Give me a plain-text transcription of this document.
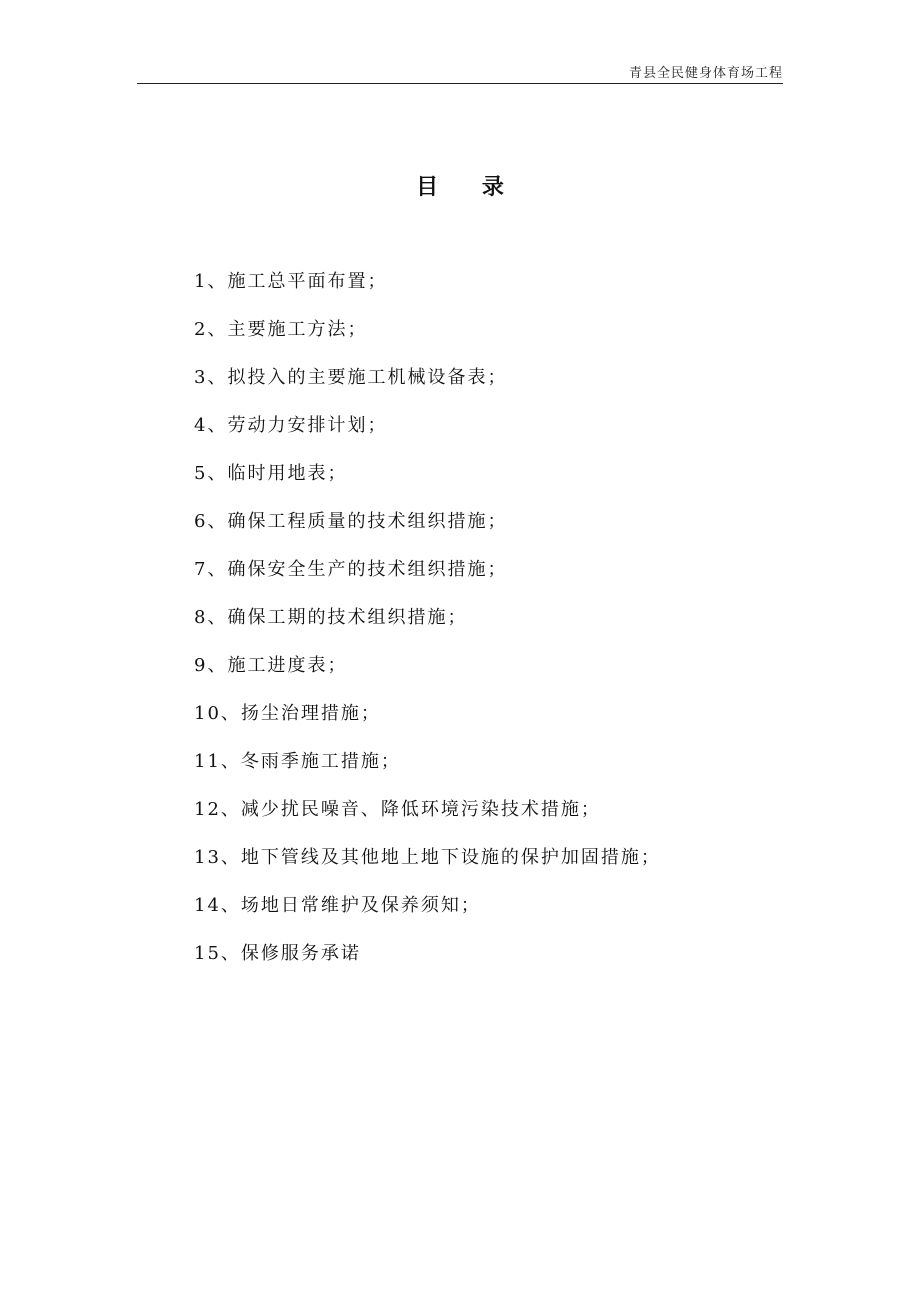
青县全民健身体育场工程
目 录
1、施工总平面布置；
2、主要施工方法；
3、拟投入的主要施工机械设备表；
4、劳动力安排计划；
5、临时用地表；
6、确保工程质量的技术组织措施；
7、确保安全生产的技术组织措施；
8、确保工期的技术组织措施；
9、施工进度表；
10、扬尘治理措施；
11、冬雨季施工措施；
12、减少扰民噪音、降低环境污染技术措施；
13、地下管线及其他地上地下设施的保护加固措施；
14、场地日常维护及保养须知；
15、保修服务承诺
